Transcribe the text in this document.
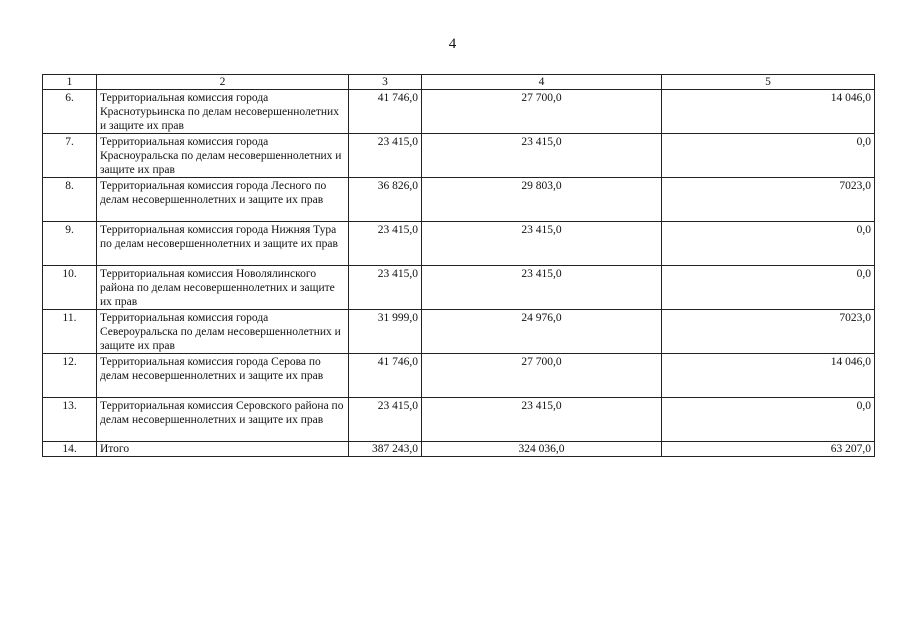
4
1	2	3	4	5
6.	Территориальная комиссия города Краснотурьинска по делам несовершеннолетних и защите их прав	41 746,0	27 700,0	14 046,0
7.	Территориальная комиссия города Красноуральска по делам несовершеннолетних и защите их прав	23 415,0	23 415,0	0,0
8.	Территориальная комиссия города Лесного по делам несовершеннолетних и защите их прав	36 826,0	29 803,0	7023,0
9.	Территориальная комиссия города Нижняя Тура по делам несовершеннолетних и защите их прав	23 415,0	23 415,0	0,0
10.	Территориальная комиссия Новолялинского района по делам несовершеннолетних и защите их прав	23 415,0	23 415,0	0,0
11.	Территориальная комиссия города Североуральска по делам несовершеннолетних и защите их прав	31 999,0	24 976,0	7023,0
12.	Территориальная комиссия города Серова по делам несовершеннолетних и защите их прав	41 746,0	27 700,0	14 046,0
13.	Территориальная комиссия Серовского района по делам несовершеннолетних и защите их прав	23 415,0	23 415,0	0,0
14.	Итого	387 243,0	324 036,0	63 207,0
